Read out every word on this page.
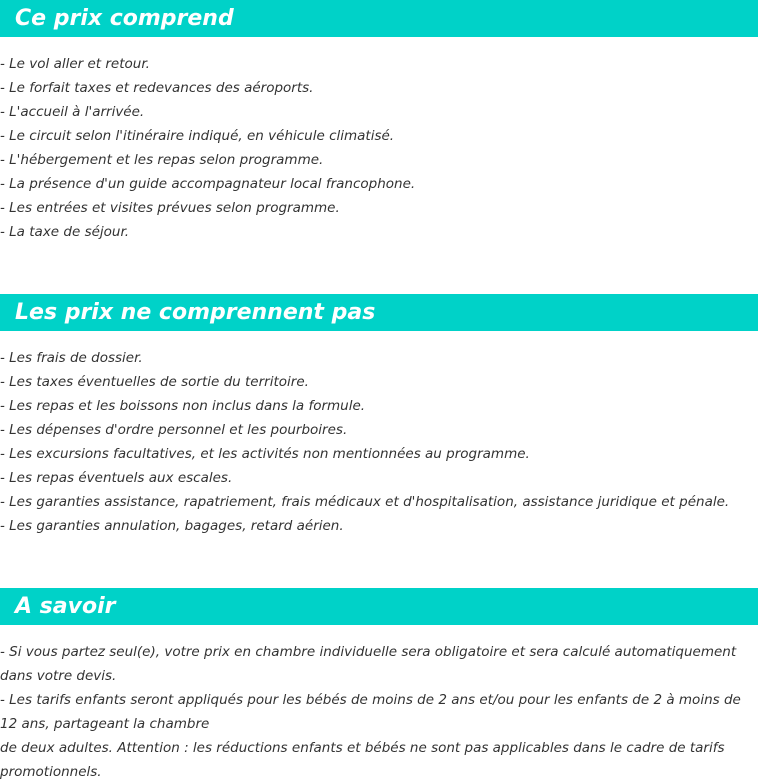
Ce prix comprend
- Le vol aller et retour.
- Le forfait taxes et redevances des aéroports.
- L'accueil à l'arrivée.
- Le circuit selon l'itinéraire indiqué, en véhicule climatisé.
- L'hébergement et les repas selon programme.
- La présence d'un guide accompagnateur local francophone.
- Les entrées et visites prévues selon programme.
- La taxe de séjour.
Les prix ne comprennent pas
- Les frais de dossier.
- Les taxes éventuelles de sortie du territoire.
- Les repas et les boissons non inclus dans la formule.
- Les dépenses d'ordre personnel et les pourboires.
- Les excursions facultatives, et les activités non mentionnées au programme.
- Les repas éventuels aux escales.
- Les garanties assistance, rapatriement, frais médicaux et d'hospitalisation, assistance juridique et pénale.
- Les garanties annulation, bagages, retard aérien.
A savoir
- Si vous partez seul(e), votre prix en chambre individuelle sera obligatoire et sera calculé automatiquement dans votre devis.
- Les tarifs enfants seront appliqués pour les bébés de moins de 2 ans et/ou pour les enfants de 2 à moins de 12 ans, partageant la chambre
de deux adultes. Attention : les réductions enfants et bébés ne sont pas applicables dans le cadre de tarifs promotionnels.
